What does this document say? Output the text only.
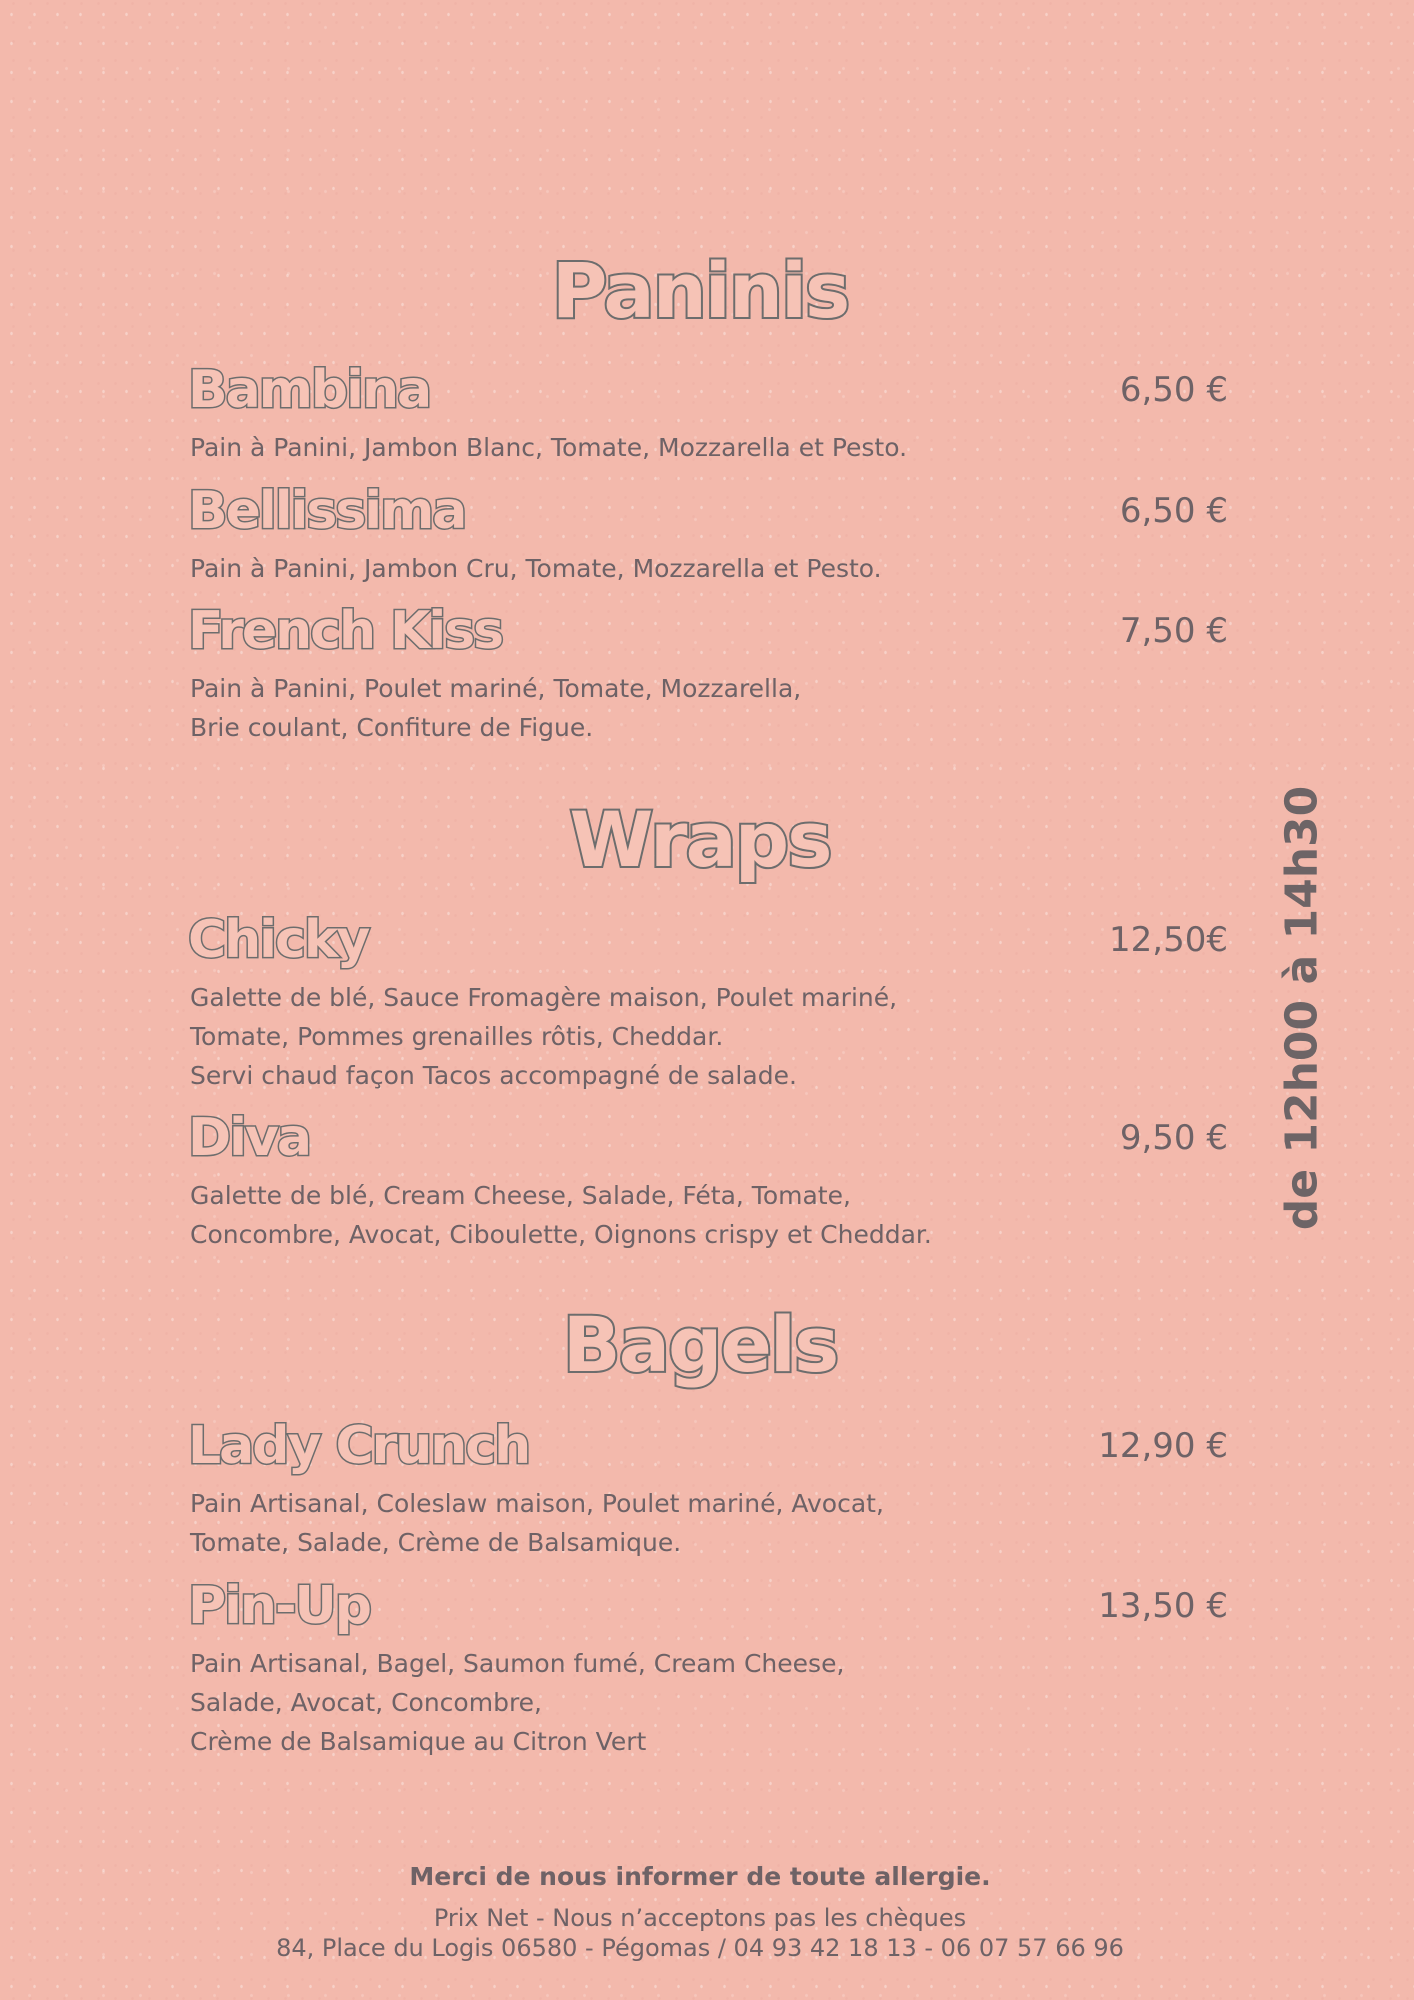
Paninis
Bambina	6,50 €

Pain à Panini, Jambon Blanc, Tomate, Mozzarella et Pesto.

Bellissima	6,50 €

Pain à Panini, Jambon Cru, Tomate, Mozzarella et Pesto.

French Kiss	7,50 €

Pain à Panini, Poulet mariné, Tomate, Mozzarella,
Brie coulant, Confiture de Figue.

Wraps
Chicky	12,50€

Galette de blé, Sauce Fromagère maison, Poulet mariné,
Tomate, Pommes grenailles rôtis, Cheddar.
Servi chaud façon Tacos accompagné de salade.

Diva	9,50 €

Galette de blé, Cream Cheese, Salade, Féta, Tomate,
Concombre, Avocat, Ciboulette, Oignons crispy et Cheddar.

Bagels
Lady Crunch	12,90 €

Pain Artisanal, Coleslaw maison, Poulet mariné, Avocat,
Tomate, Salade, Crème de Balsamique.

Pin-Up	13,50 €

Pain Artisanal, Bagel, Saumon fumé, Cream Cheese,
Salade, Avocat, Concombre,
Crème de Balsamique au Citron Vert

de 12h00 à 14h30
Merci de nous informer de toute allergie.
Prix Net - Nous n’acceptons pas les chèques
84, Place du Logis 06580 - Pégomas / 04 93 42 18 13 - 06 07 57 66 96
